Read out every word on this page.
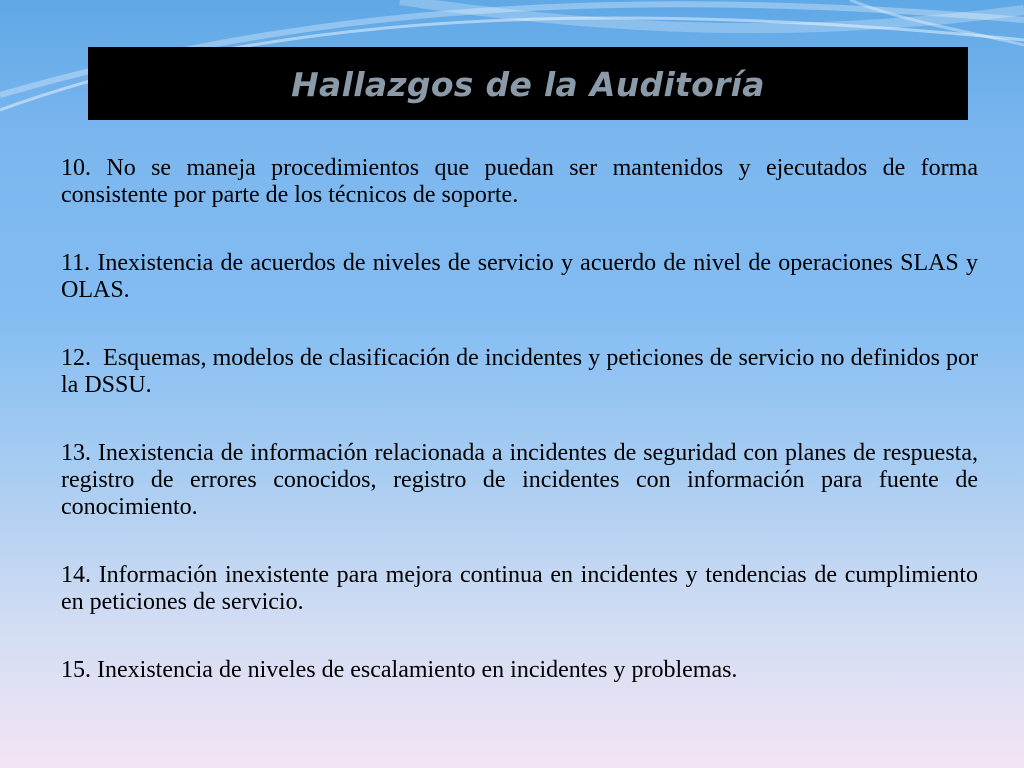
Hallazgos de la Auditoría

10. No se maneja procedimientos que puedan ser mantenidos y ejecutados de forma consistente por parte de los técnicos de soporte.

11. Inexistencia de acuerdos de niveles de servicio y acuerdo de nivel de operaciones SLAS y OLAS.

12.  Esquemas, modelos de clasificación de incidentes y peticiones de servicio no definidos por la DSSU.

13. Inexistencia de información relacionada a incidentes de seguridad con planes de respuesta, registro de errores conocidos, registro de incidentes con información para fuente de conocimiento.

14. Información inexistente para mejora continua en incidentes y tendencias de cumplimiento en peticiones de servicio.

15. Inexistencia de niveles de escalamiento en incidentes y problemas.
